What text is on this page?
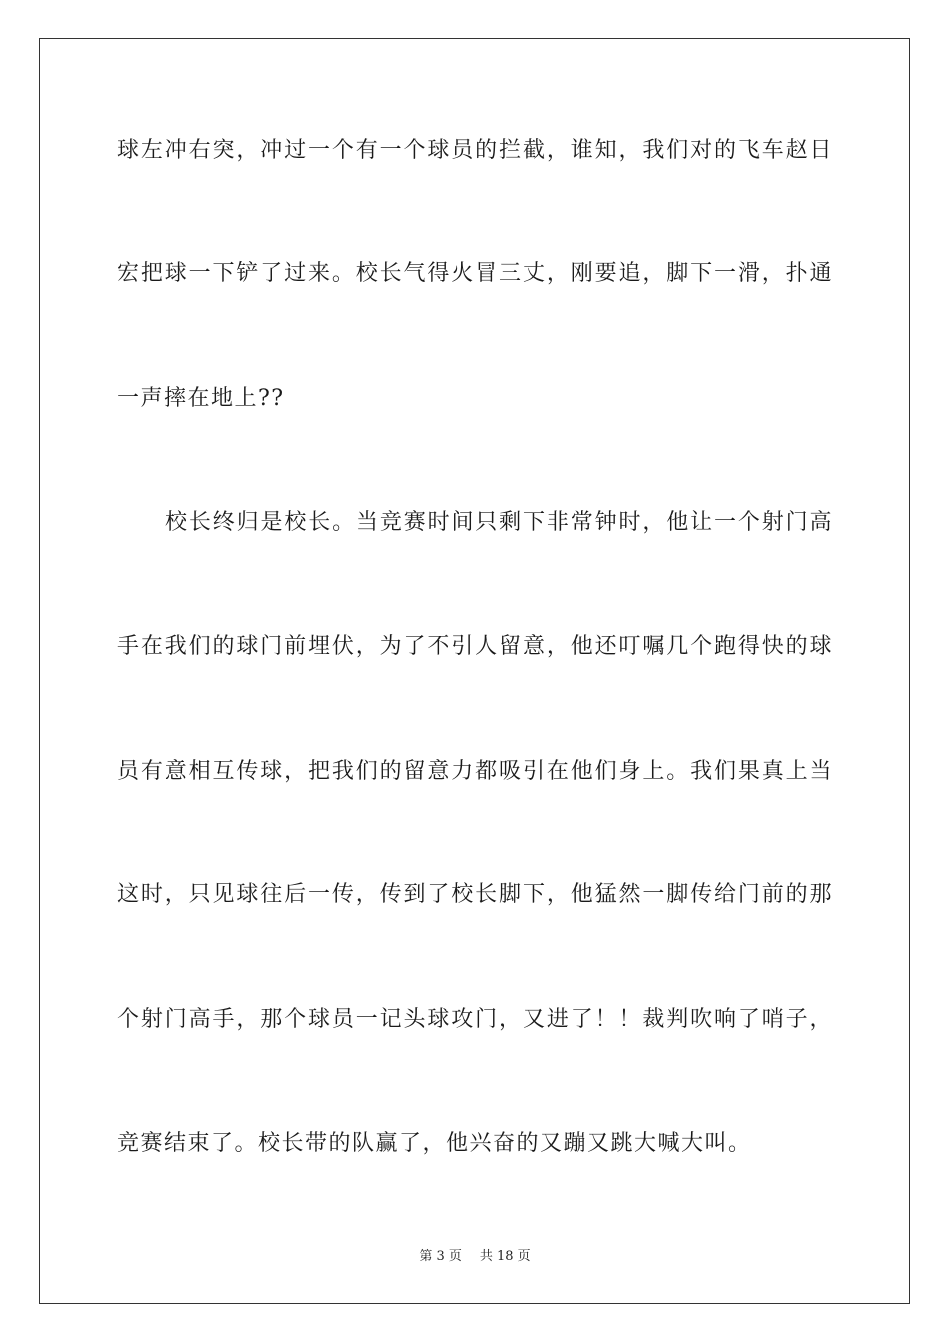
球左冲右突，冲过一个有一个球员的拦截，谁知，我们对的飞车赵日
宏把球一下铲了过来。校长气得火冒三丈，刚要追，脚下一滑，扑通
一声摔在地上??
校长终归是校长。当竞赛时间只剩下非常钟时，他让一个射门高
手在我们的球门前埋伏，为了不引人留意，他还叮嘱几个跑得快的球
员有意相互传球，把我们的留意力都吸引在他们身上。我们果真上当
这时，只见球往后一传，传到了校长脚下，他猛然一脚传给门前的那
个射门高手，那个球员一记头球攻门，又进了！！裁判吹响了哨子，
竞赛结束了。校长带的队赢了，他兴奋的又蹦又跳大喊大叫。
第 3 页 共 18 页
